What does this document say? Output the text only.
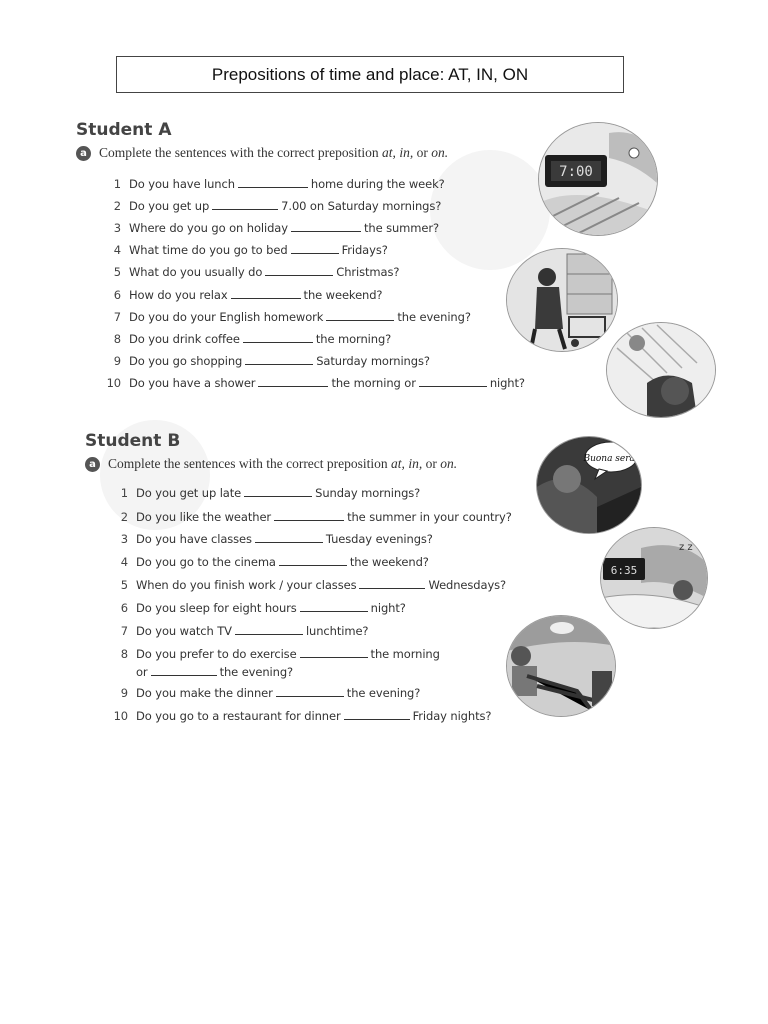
Prepositions of time and place: AT, IN, ON
Student A
a Complete the sentences with the correct preposition at, in, or on.
1 Do you have lunch	home during the week?
2 Do you get up	7.00 on Saturday mornings?
3 Where do you go on holiday	the summer?
4 What time do you go to bed	Fridays?
5 What do you usually do	Christmas?
6 How do you relax	the weekend?
7 Do you do your English homework	the evening?
8 Do you drink coffee	the morning?
9 Do you go shopping	Saturday mornings?
10 Do you have a shower	the morning or	night?
7:00
Student B
a Complete the sentences with the correct preposition at, in, or on.
1 Do you get up late	Sunday mornings?
2 Do you like the weather	the summer in your country?
3 Do you have classes	Tuesday evenings?
4 Do you go to the cinema	the weekend?
5 When do you finish work / your classes	Wednesdays?
6 Do you sleep for eight hours	night?
7 Do you watch TV	lunchtime?
8 Do you prefer to do exercise	the morning
or	the evening?
9 Do you make the dinner	the evening?
10 Do you go to a restaurant for dinner	Friday nights?
Buona sera!
z z
6:35
